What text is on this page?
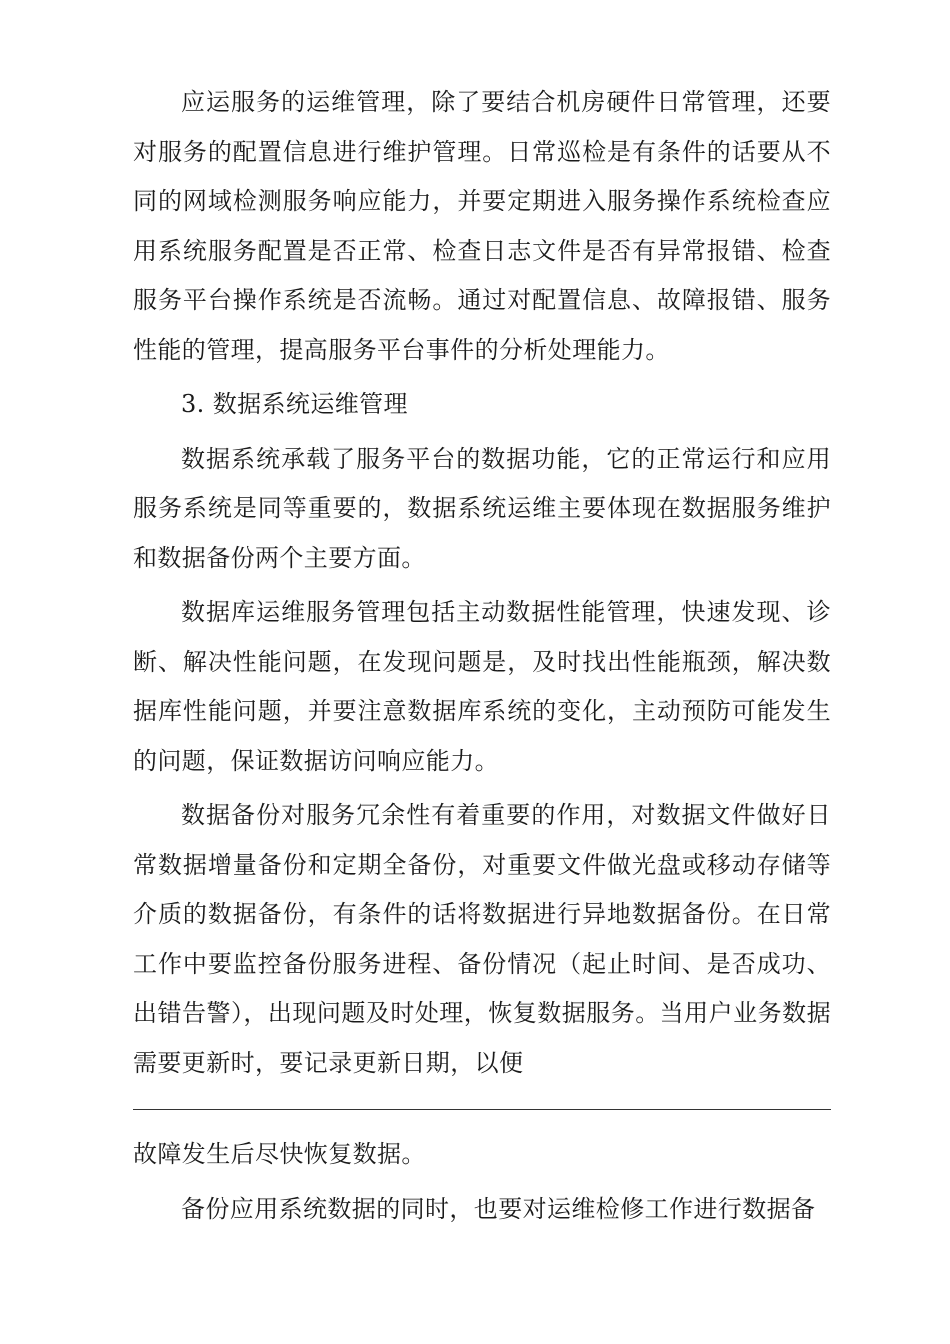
应运服务的运维管理，除了要结合机房硬件日常管理，还要对服务的配置信息进行维护管理。日常巡检是有条件的话要从不同的网域检测服务响应能力，并要定期进入服务操作系统检查应用系统服务配置是否正常、检查日志文件是否有异常报错、检查服务平台操作系统是否流畅。通过对配置信息、故障报错、服务性能的管理，提高服务平台事件的分析处理能力。

3. 数据系统运维管理

数据系统承载了服务平台的数据功能，它的正常运行和应用服务系统是同等重要的，数据系统运维主要体现在数据服务维护和数据备份两个主要方面。

数据库运维服务管理包括主动数据性能管理，快速发现、诊断、解决性能问题，在发现问题是，及时找出性能瓶颈，解决数据库性能问题，并要注意数据库系统的变化，主动预防可能发生的问题，保证数据访问响应能力。

数据备份对服务冗余性有着重要的作用，对数据文件做好日常数据增量备份和定期全备份，对重要文件做光盘或移动存储等介质的数据备份，有条件的话将数据进行异地数据备份。在日常工作中要监控备份服务进程、备份情况（起止时间、是否成功、出错告警），出现问题及时处理，恢复数据服务。当用户业务数据需要更新时，要记录更新日期，以便

故障发生后尽快恢复数据。

备份应用系统数据的同时，也要对运维检修工作进行数据备
